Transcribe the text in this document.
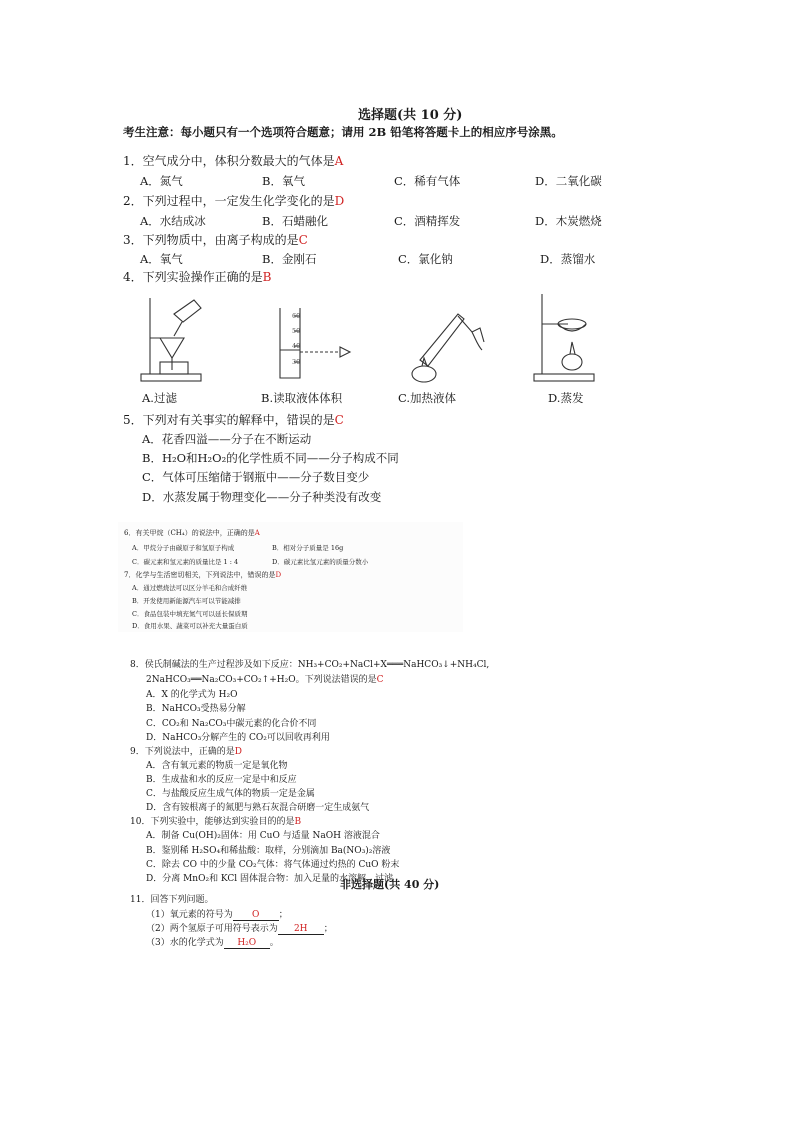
选择题(共 10 分)
考生注意：每小题只有一个选项符合题意；请用 2B 铅笔将答题卡上的相应序号涂黑。
1．空气成分中，体积分数最大的气体是A
A．氮气	B．氧气	C．稀有气体	D．二氧化碳
2．下列过程中，一定发生化学变化的是D
A．水结成冰	B．石蜡融化	C．酒精挥发	D．木炭燃烧
3．下列物质中，由离子构成的是C
A．氧气	B．金刚石	C．氯化钠	D．蒸馏水
4．下列实验操作正确的是B
A.过滤
60
50
40
30
B.读取液体体积	C.加热液体	D.蒸发
5．下列对有关事实的解释中，错误的是C
A．花香四溢——分子在不断运动
B．H₂O和H₂O₂的化学性质不同——分子构成不同
C．气体可压缩储于钢瓶中——分子数目变少
D．水蒸发属于物理变化——分子种类没有改变
6．有关甲烷（CH₄）的说法中，正确的是A
A．甲烷分子由碳原子和氢原子构成	B．相对分子质量是 16g
C．碳元素和氢元素的质量比是 1 : 4	D．碳元素比氢元素的质量分数小
7．化学与生活密切相关，下列说法中，错误的是D
A．通过燃烧法可以区分羊毛和合成纤维
B．开发使用新能源汽车可以节能减排
C．食品包装中填充氮气可以延长保质期
D．食用水果、蔬菜可以补充大量蛋白质
8．侯氏制碱法的生产过程涉及如下反应：NH₃+CO₂+NaCl+X═══NaHCO₃↓+NH₄Cl,
2NaHCO₃══Na₂CO₃+CO₂↑+H₂O。下列说法错误的是C
A．X 的化学式为 H₂O
B．NaHCO₃受热易分解
C．CO₂和 Na₂CO₃中碳元素的化合价不同
D．NaHCO₃分解产生的 CO₂可以回收再利用
9．下列说法中，正确的是D
A．含有氧元素的物质一定是氧化物
B．生成盐和水的反应一定是中和反应
C．与盐酸反应生成气体的物质一定是金属
D．含有铵根离子的氮肥与熟石灰混合研磨一定生成氨气
10．下列实验中，能够达到实验目的的是B
A．制备 Cu(OH)₂固体：用 CuO 与适量 NaOH 溶液混合
B．鉴别稀 H₂SO₄和稀盐酸：取样，分别滴加 Ba(NO₃)₂溶液
C．除去 CO 中的少量 CO₂气体：将气体通过灼热的 CuO 粉末
D．分离 MnO₂和 KCl 固体混合物：加入足量的水溶解，过滤
非选择题(共 40 分)
11．回答下列问题。
（1）氧元素的符号为 O ；
（2）两个氢原子可用符号表示为 2H ；
（3）水的化学式为 H₂O 。
